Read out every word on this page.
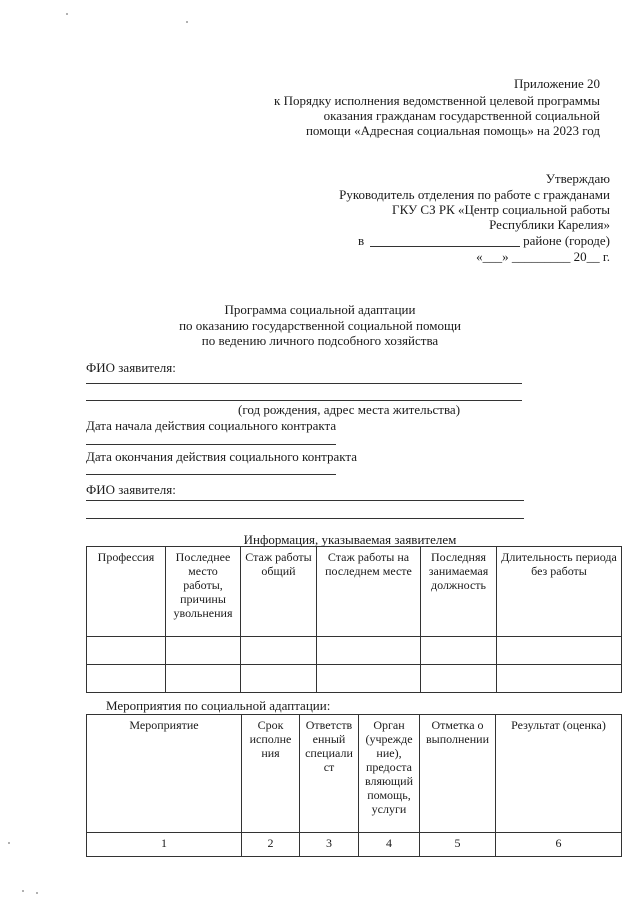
Приложение 20
к Порядку исполнения ведомственной целевой программы
оказания гражданам государственной социальной
помощи «Адресная социальная помощь» на 2023 год
Утверждаю
Руководитель отделения по работе с гражданами
ГКУ СЗ РК «Центр социальной работы
Республики Карелия»
в	районе (городе)
«___» _________ 20__ г.
Программа социальной адаптации
по оказанию государственной социальной помощи
по ведению личного подсобного хозяйства
ФИО заявителя:
(год рождения, адрес места жительства)
Дата начала действия социального контракта
Дата окончания действия социального контракта
ФИО заявителя:
Информация, указываемая заявителем
Профессия	Последнее место работы, причины увольнения	Стаж работы общий	Стаж работы на последнем месте	Последняя занимаемая должность	Длительность периода без работы

Мероприятия по социальной адаптации:
Мероприятие	Срок исполне ния	Ответств енный специали ст	Орган (учрежде ние), предоста вляющий помощь, услуги	Отметка о выполнении	Результат (оценка)
1	2	3	4	5	6
